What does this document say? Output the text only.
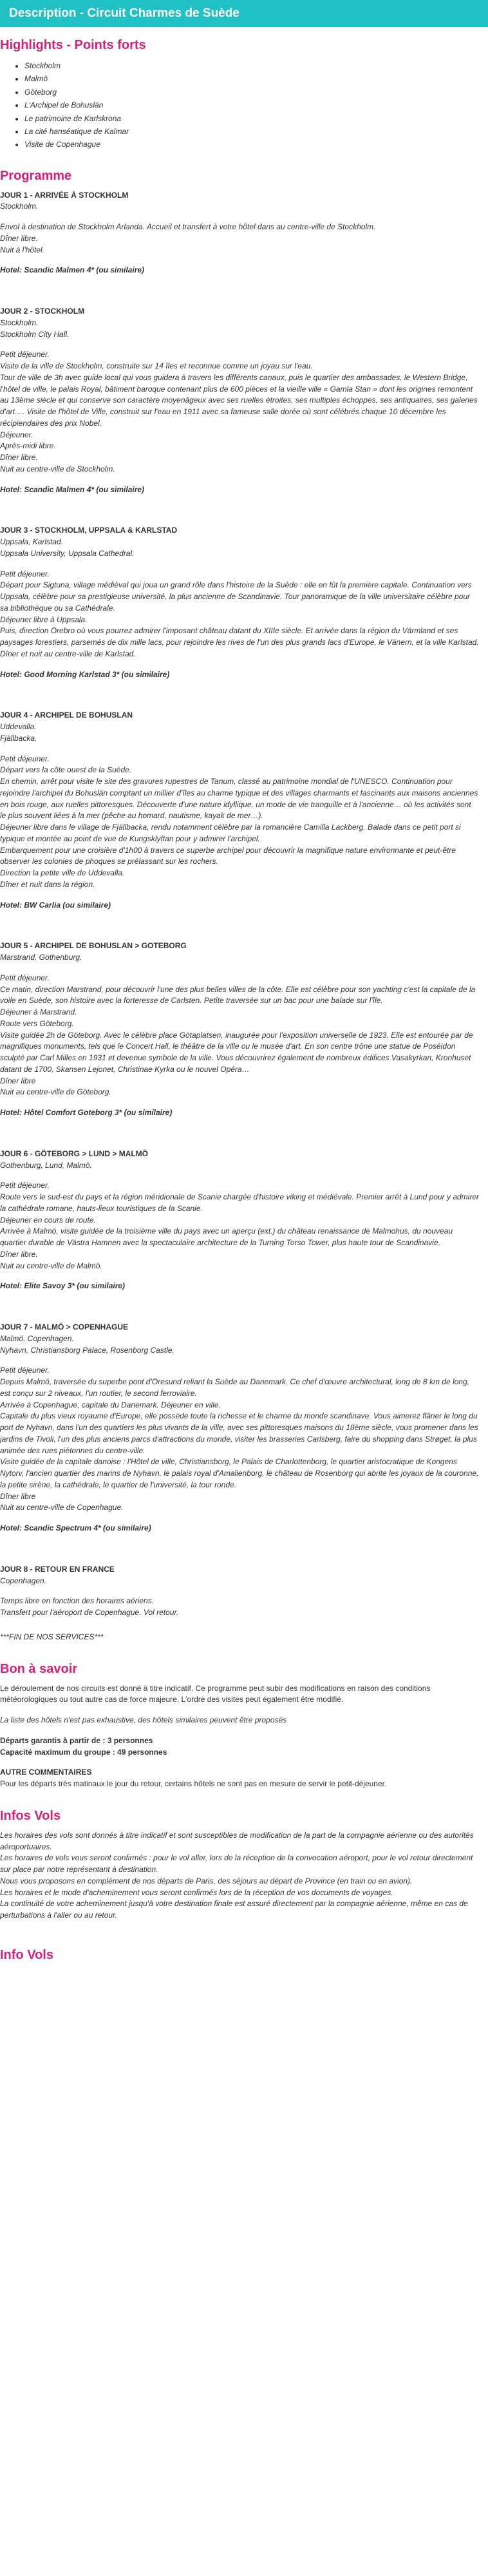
Description - Circuit Charmes de Suède
Highlights - Points forts
• Stockholm
• Malmö
• Göteborg
• L'Archipel de Bohuslän
• Le patrimoine de Karlskrona
• La cité hanséatique de Kalmar
• Visite de Copenhague
Programme

JOUR 1 - ARRIVÉE À STOCKHOLM

Stockholm.

Envol à destination de Stockholm Arlanda. Accueil et transfert à votre hôtel dans au centre-ville de Stockholm.

Dîner libre.

Nuit à l'hôtel.

Hotel: Scandic Malmen 4* (ou similaire)

JOUR 2 - STOCKHOLM

Stockholm.

Stockholm City Hall.

Petit déjeuner.

Visite de la ville de Stockholm, construite sur 14 îles et reconnue comme un joyau sur l'eau.

Tour de ville de 3h avec guide local qui vous guidera à travers les différents canaux, puis le quartier des ambassades, le Western Bridge, l'hôtel de ville, le palais Royal, bâtiment baroque contenant plus de 600 pièces et la vieille ville « Gamla Stan » dont les origines remontent au 13ème siècle et qui conserve son caractère moyenâgeux avec ses ruelles étroites, ses multiples échoppes, ses antiquaires, ses galeries d'art…. Visite de l'hôtel de Ville, construit sur l'eau en 1911 avec sa fameuse salle dorée où sont célébrés chaque 10 décembre les récipiendaires des prix Nobel.

Déjeuner.

Après-midi libre.

Dîner libre.

Nuit au centre-ville de Stockholm.

Hotel: Scandic Malmen 4* (ou similaire)

JOUR 3 - STOCKHOLM, UPPSALA & KARLSTAD

Uppsala, Karlstad.

Uppsala University, Uppsala Cathedral.

Petit déjeuner.

Départ pour Sigtuna, village médiéval qui joua un grand rôle dans l'histoire de la Suède : elle en fût la première capitale. Continuation vers Uppsala, célèbre pour sa prestigieuse université, la plus ancienne de Scandinavie. Tour panoramique de la ville universitaire célèbre pour sa bibliothèque ou sa Cathédrale.

Déjeuner libre à Uppsala.

Puis, direction Örebro où vous pourrez admirer l'imposant château datant du XIIIe siècle. Et arrivée dans la région du Värmland et ses paysages forestiers, parsemés de dix mille lacs, pour rejoindre les rives de l'un des plus grands lacs d'Europe, le Vänern, et la ville Karlstad.

Dîner et nuit au centre-ville de Karlstad.

Hotel: Good Morning Karlstad 3* (ou similaire)

JOUR 4 - ARCHIPEL DE BOHUSLAN

Uddevalla.

Fjällbacka.

Petit déjeuner.

Départ vers la côte ouest de la Suède.

En chemin, arrêt pour visite le site des gravures rupestres de Tanum, classé au patrimoine mondial de l'UNESCO. Continuation pour rejoindre l'archipel du Bohuslän comptant un millier d'îles au charme typique et des villages charmants et fascinants aux maisons anciennes en bois rouge, aux ruelles pittoresques. Découverte d'une nature idyllique, un mode de vie tranquille et à l'ancienne… où les activités sont le plus souvent liées à la mer (pêche au homard, nautisme, kayak de mer…).

Déjeuner libre dans le village de Fjällbacka, rendu notamment célèbre par la romancière Camilla Lackberg. Balade dans ce petit port si typique et montée au point de vue de Kungsklyftan pour y admirer l'archipel.

Embarquement pour une croisière d'1h00 à travers ce superbe archipel pour découvrir la magnifique nature environnante et peut-être observer les colonies de phoques se prélassant sur les rochers.

Direction la petite ville de Uddevalla.

Dîner et nuit dans la région.

Hotel: BW Carlia (ou similaire)

JOUR 5 - ARCHIPEL DE BOHUSLAN > GOTEBORG

Marstrand, Gothenburg.

Petit déjeuner.

Ce matin, direction Marstrand, pour découvrir l'une des plus belles villes de la côte. Elle est célèbre pour son yachting c'est la capitale de la voile en Suède, son histoire avec la forteresse de Carlsten. Petite traversée sur un bac pour une balade sur l'île.

Déjeuner à Marstrand.

Route vers Göteborg.

Visite guidée 2h de Göteborg. Avec le célèbre place Götaplatsen, inaugurée pour l'exposition universelle de 1923. Elle est entourée par de magnifiques monuments, tels que le Concert Hall, le théâtre de la ville ou le musée d'art. En son centre trône une statue de Poséidon sculpté par Carl Milles en 1931 et devenue symbole de la ville. Vous découvrirez également de nombreux édifices Vasakyrkan, Kronhuset datant de 1700, Skansen Lejonet, Christinae Kyrka ou le nouvel Opéra…

Dîner libre

Nuit au centre-ville de Göteborg.

Hotel: Hôtel Comfort Goteborg 3* (ou similaire)

JOUR 6 - GÖTEBORG > LUND > MALMÖ

Gothenburg, Lund, Malmö.

Petit déjeuner.

Route vers le sud-est du pays et la région méridionale de Scanie chargée d'histoire viking et médiévale. Premier arrêt à Lund pour y admirer la cathédrale romane, hauts-lieux touristiques de la Scanie.

Déjeuner en cours de route.

Arrivée à Malmö, visite guidée de la troisième ville du pays avec un aperçu (ext.) du château renaissance de Malmohus, du nouveau quartier durable de Västra Hamnen avec la spectaculaire architecture de la Turning Torso Tower, plus haute tour de Scandinavie.

Dîner libre.

Nuit au centre-ville de Malmö.

Hotel: Elite Savoy 3* (ou similaire)

JOUR 7 - MALMÖ > COPENHAGUE

Malmö, Copenhagen.

Nyhavn, Christiansborg Palace, Rosenborg Castle.

Petit déjeuner.

Depuis Malmö, traversée du superbe pont d'Öresund reliant la Suède au Danemark. Ce chef d'œuvre architectural, long de 8 km de long, est conçu sur 2 niveaux, l'un routier, le second ferroviaire.

Arrivée à Copenhague, capitale du Danemark. Déjeuner en ville.

Capitale du plus vieux royaume d'Europe, elle possède toute la richesse et le charme du monde scandinave. Vous aimerez flâner le long du port de Nyhavn, dans l'un des quartiers les plus vivants de la ville, avec ses pittoresques maisons du 18ème siècle, vous promener dans les jardins de Tivoli, l'un des plus anciens parcs d'attractions du monde, visiter les brasseries Carlsberg, faire du shopping dans Strøget, la plus animée des rues piétonnes du centre-ville.

Visite guidée de la capitale danoise : l'Hôtel de ville, Christiansborg, le Palais de Charlottenborg, le quartier aristocratique de Kongens Nytorv, l'ancien quartier des marins de Nyhavn, le palais royal d'Amalienborg, le château de Rosenborg qui abrite les joyaux de la couronne, la petite sirène, la cathédrale, le quartier de l'université, la tour ronde.

Dîner libre

Nuit au centre-ville de Copenhague.

Hotel: Scandic Spectrum 4* (ou similaire)

JOUR 8 - RETOUR EN FRANCE

Copenhagen.

Temps libre en fonction des horaires aériens.

Transfert pour l'aéroport de Copenhague. Vol retour.

***FIN DE NOS SERVICES***
Bon à savoir

Le déroulement de nos circuits est donné à titre indicatif. Ce programme peut subir des modifications en raison des conditions météorologiques ou tout autre cas de force majeure. L'ordre des visites peut également être modifié.

La liste des hôtels n'est pas exhaustive, des hôtels similaires peuvent être proposés

Départs garantis à partir de : 3 personnes

Capacité maximum du groupe : 49 personnes

AUTRE COMMENTAIRES

Pour les départs très matinaux le jour du retour, certains hôtels ne sont pas en mesure de servir le petit-déjeuner.

Infos Vols

Les horaires des vols sont donnés à titre indicatif et sont susceptibles de modification de la part de la compagnie aérienne ou des autorités aéroportuaires.

Les horaires de vols vous seront confirmés : pour le vol aller, lors de la réception de la convocation aéroport, pour le vol retour directement sur place par notre représentant à destination.

Nous vous proposons en complément de nos départs de Paris, des séjours au départ de Province (en train ou en avion).

Les horaires et le mode d'acheminement vous seront confirmés lors de la réception de vos documents de voyages.

La continuité de votre acheminement jusqu'à votre destination finale est assuré directement par la compagnie aérienne, même en cas de perturbations à l'aller ou au retour.

Info Vols
